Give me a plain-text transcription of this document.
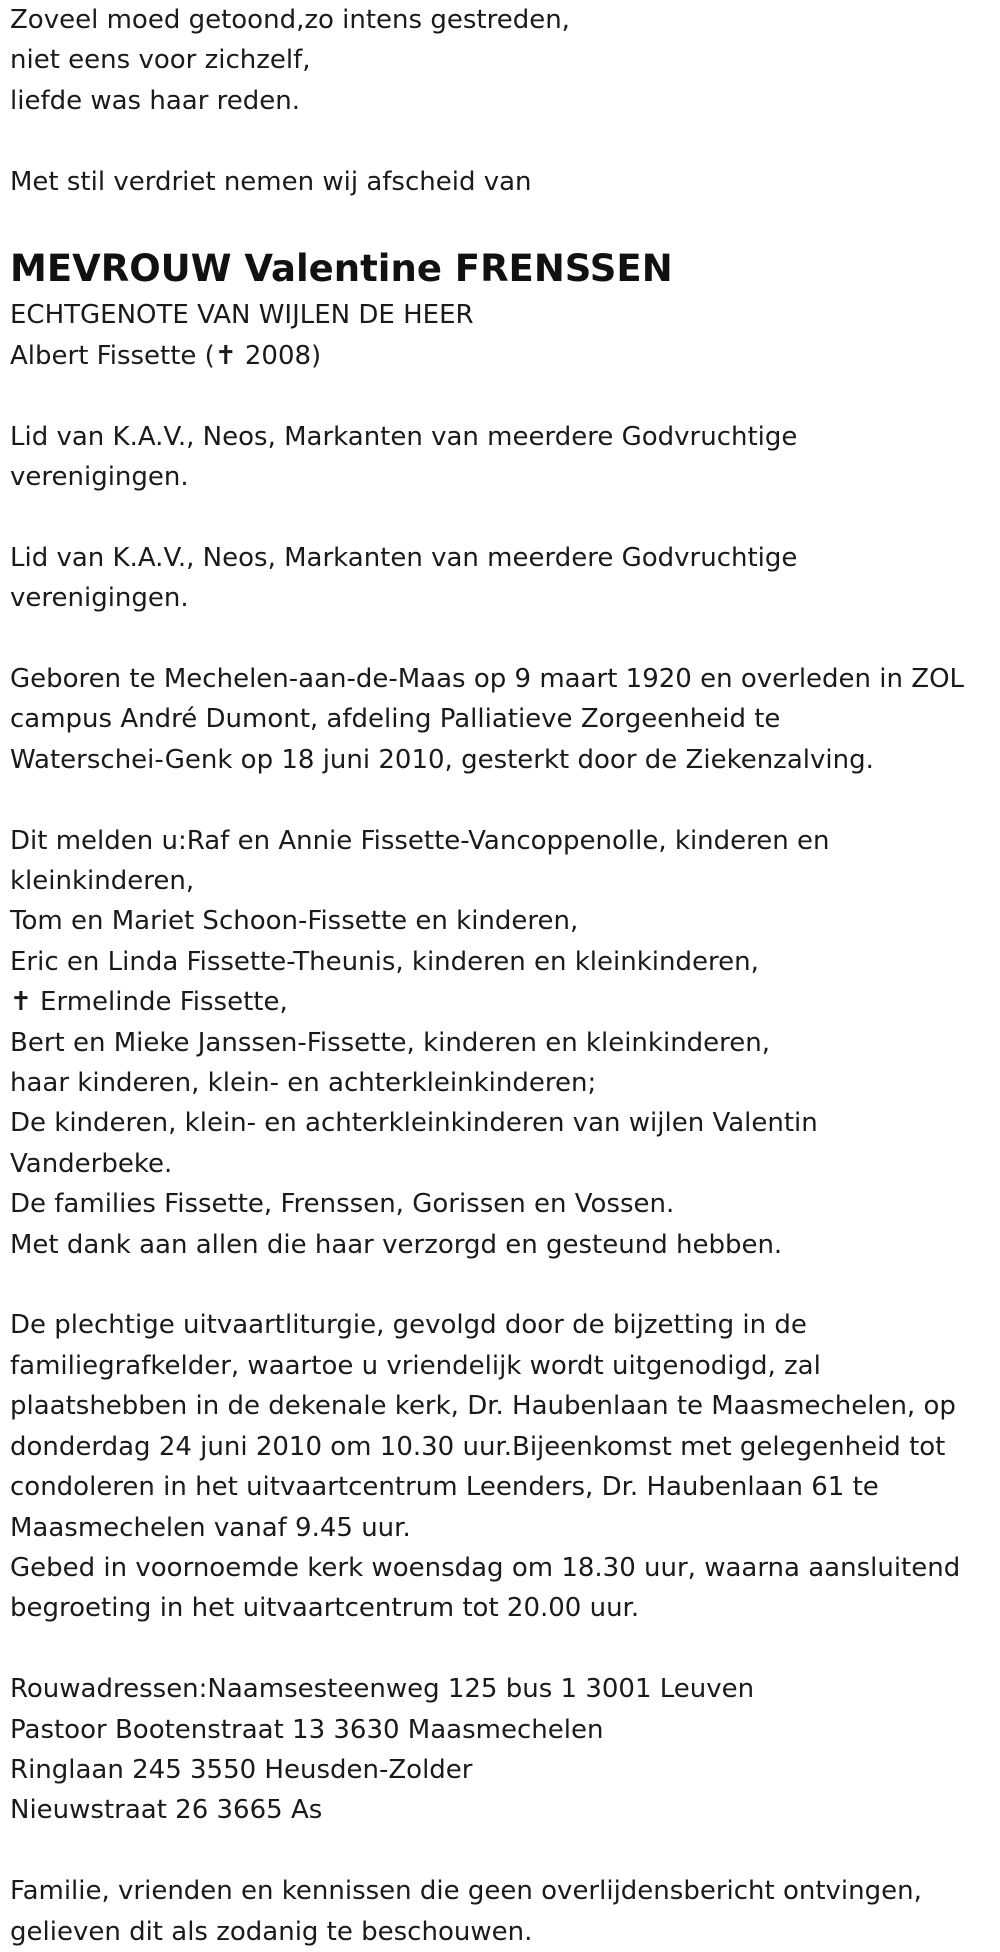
Zoveel moed getoond,zo intens gestreden,
niet eens voor zichzelf,
liefde was haar reden.
Met stil verdriet nemen wij afscheid van
MEVROUW Valentine FRENSSEN
ECHTGENOTE VAN WIJLEN DE HEER
Albert Fissette (✝ 2008)
Lid van K.A.V., Neos, Markanten van meerdere Godvruchtige
verenigingen.
Lid van K.A.V., Neos, Markanten van meerdere Godvruchtige
verenigingen.
Geboren te Mechelen-aan-de-Maas op 9 maart 1920 en overleden in ZOL
campus André Dumont, afdeling Palliatieve Zorgeenheid te
Waterschei-Genk op 18 juni 2010, gesterkt door de Ziekenzalving.
Dit melden u:Raf en Annie Fissette-Vancoppenolle, kinderen en
kleinkinderen,
Tom en Mariet Schoon-Fissette en kinderen,
Eric en Linda Fissette-Theunis, kinderen en kleinkinderen,
✝ Ermelinde Fissette,
Bert en Mieke Janssen-Fissette, kinderen en kleinkinderen,
haar kinderen, klein- en achterkleinkinderen;
De kinderen, klein- en achterkleinkinderen van wijlen Valentin
Vanderbeke.
De families Fissette, Frenssen, Gorissen en Vossen.
Met dank aan allen die haar verzorgd en gesteund hebben.
De plechtige uitvaartliturgie, gevolgd door de bijzetting in de
familiegrafkelder, waartoe u vriendelijk wordt uitgenodigd, zal
plaatshebben in de dekenale kerk, Dr. Haubenlaan te Maasmechelen, op
donderdag 24 juni 2010 om 10.30 uur.Bijeenkomst met gelegenheid tot
condoleren in het uitvaartcentrum Leenders, Dr. Haubenlaan 61 te
Maasmechelen vanaf 9.45 uur.
Gebed in voornoemde kerk woensdag om 18.30 uur, waarna aansluitend
begroeting in het uitvaartcentrum tot 20.00 uur.
Rouwadressen:Naamsesteenweg 125 bus 1 3001 Leuven
Pastoor Bootenstraat 13 3630 Maasmechelen
Ringlaan 245 3550 Heusden-Zolder
Nieuwstraat 26 3665 As
Familie, vrienden en kennissen die geen overlijdensbericht ontvingen,
gelieven dit als zodanig te beschouwen.
